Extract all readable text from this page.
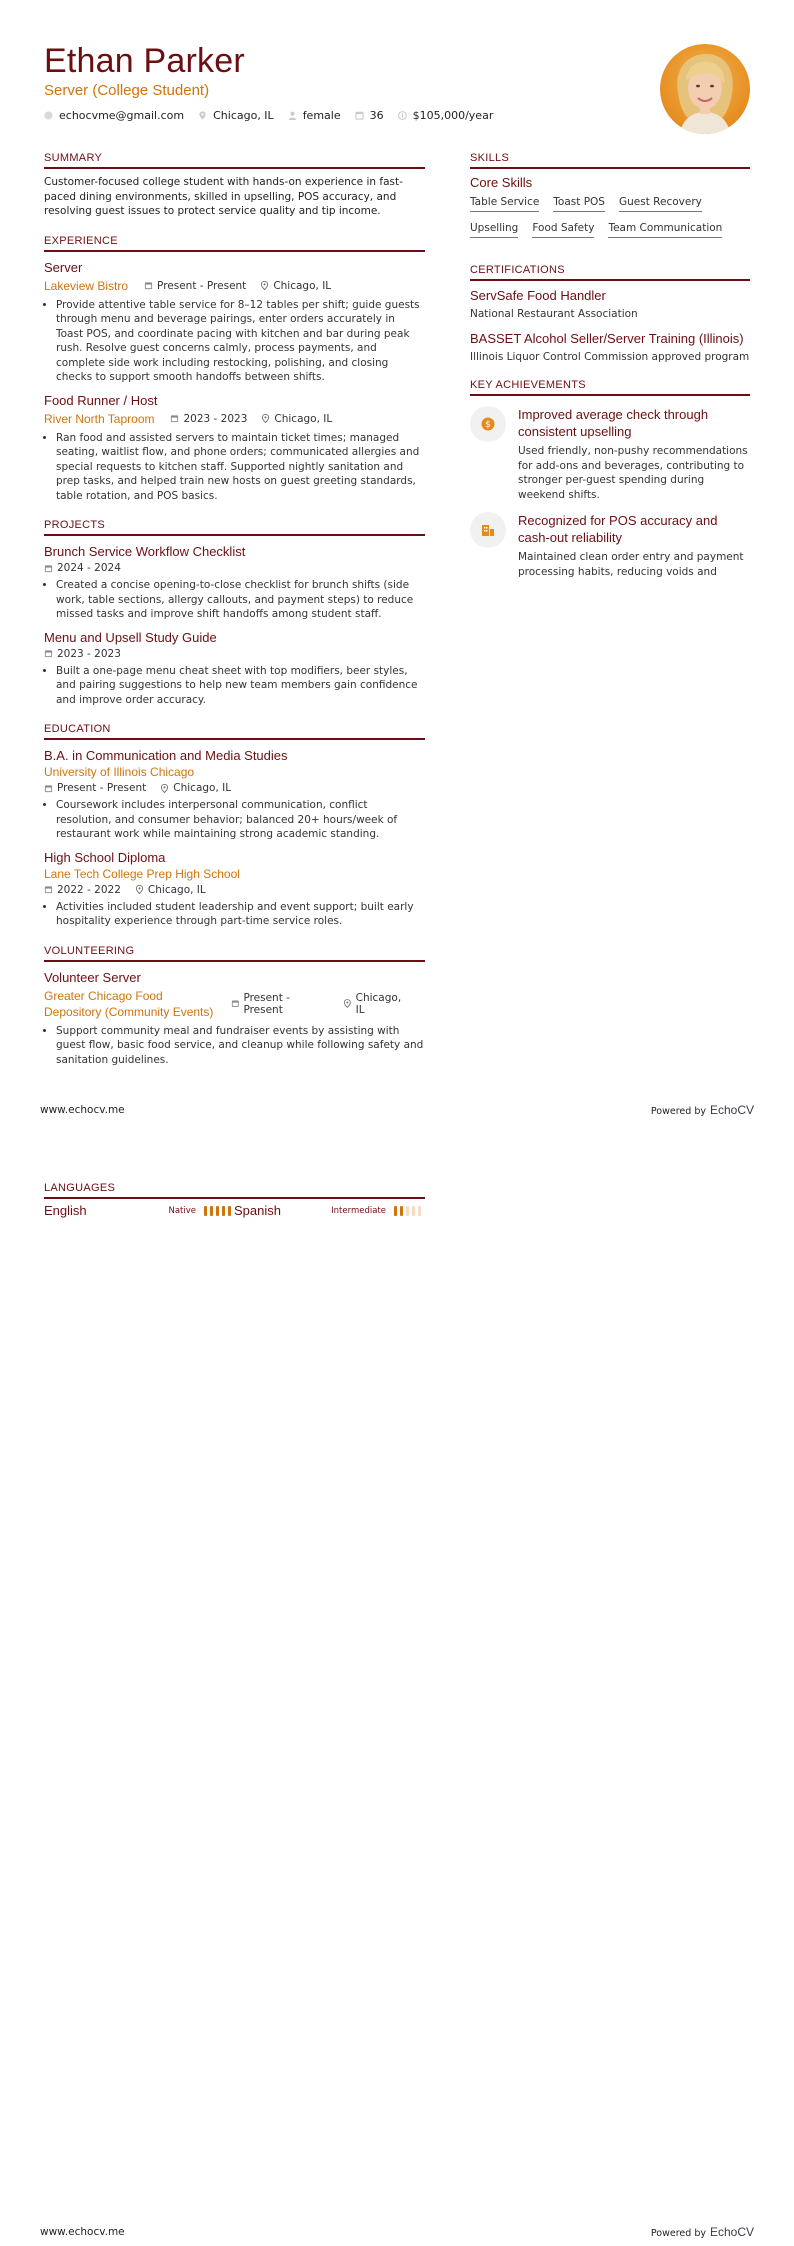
Ethan Parker
Server (College Student)
echocvme@gmail.com	Chicago, IL	female	36	$105,000/year
SUMMARY
Customer-focused college student with hands-on experience in fast-paced dining environments, skilled in upselling, POS accuracy, and resolving guest issues to protect service quality and tip income.
EXPERIENCE
Server
Lakeview Bistro	Present - Present	Chicago, IL
• Provide attentive table service for 8–12 tables per shift; guide guests through menu and beverage pairings, enter orders accurately in Toast POS, and coordinate pacing with kitchen and bar during peak rush. Resolve guest concerns calmly, process payments, and complete side work including restocking, polishing, and closing checks to support smooth handoffs between shifts.
Food Runner / Host
River North Taproom	2023 - 2023	Chicago, IL
• Ran food and assisted servers to maintain ticket times; managed seating, waitlist flow, and phone orders; communicated allergies and special requests to kitchen staff. Supported nightly sanitation and prep tasks, and helped train new hosts on guest greeting standards, table rotation, and POS basics.
PROJECTS
Brunch Service Workflow Checklist
2024 - 2024
• Created a concise opening-to-close checklist for brunch shifts (side work, table sections, allergy callouts, and payment steps) to reduce missed tasks and improve shift handoffs among student staff.
Menu and Upsell Study Guide
2023 - 2023
• Built a one-page menu cheat sheet with top modifiers, beer styles, and pairing suggestions to help new team members gain confidence and improve order accuracy.
EDUCATION
B.A. in Communication and Media Studies
University of Illinois Chicago
Present - Present	Chicago, IL
• Coursework includes interpersonal communication, conflict resolution, and consumer behavior; balanced 20+ hours/week of restaurant work while maintaining strong academic standing.
High School Diploma
Lane Tech College Prep High School
2022 - 2022	Chicago, IL
• Activities included student leadership and event support; built early hospitality experience through part-time service roles.
VOLUNTEERING
Volunteer Server
Greater Chicago Food
Depository (Community Events)
Present - Present
Chicago, IL
• Support community meal and fundraiser events by assisting with guest flow, basic food service, and cleanup while following safety and sanitation guidelines.
SKILLS
Core Skills
Table Service Toast POS Guest Recovery
Upselling Food Safety Team Communication
CERTIFICATIONS
ServSafe Food Handler
National Restaurant Association
BASSET Alcohol Seller/Server Training (Illinois)
Illinois Liquor Control Commission approved program
KEY ACHIEVEMENTS
$
Improved average check through consistent upselling
Used friendly, non-pushy recommendations for add-ons and beverages, contributing to stronger per-guest spending during weekend shifts.
Recognized for POS accuracy and cash-out reliability
Maintained clean order entry and payment processing habits, reducing voids and
www.echocv.me	Powered by EchoCV
LANGUAGES
English	Native	Spanish	Intermediate
www.echocv.me	Powered by EchoCV
